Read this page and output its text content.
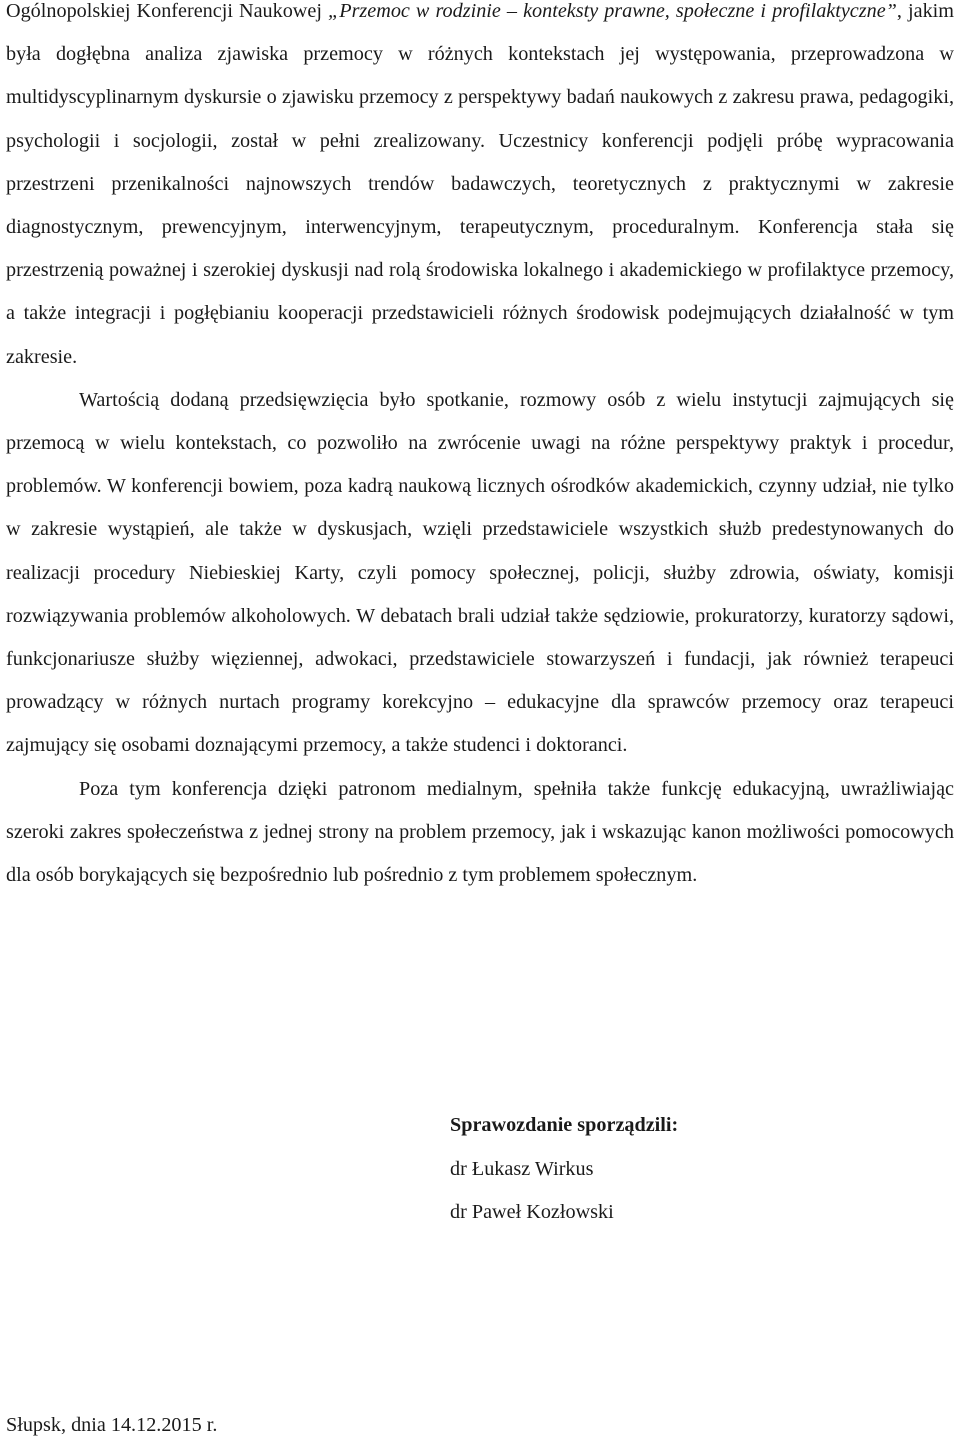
Ogólnopolskiej Konferencji Naukowej „Przemoc w rodzinie – konteksty prawne, społeczne i profilaktyczne”, jakim była dogłębna analiza zjawiska przemocy w różnych kontekstach jej występowania, przeprowadzona w multidyscyplinarnym dyskursie o zjawisku przemocy z perspektywy badań naukowych z zakresu prawa, pedagogiki, psychologii i socjologii, został w pełni zrealizowany. Uczestnicy konferencji podjęli próbę wypracowania przestrzeni przenikalności najnowszych trendów badawczych, teoretycznych z praktycznymi w zakresie diagnostycznym, prewencyjnym, interwencyjnym, terapeutycznym, proceduralnym. Konferencja stała się przestrzenią poważnej i szerokiej dyskusji nad rolą środowiska lokalnego i akademickiego w profilaktyce przemocy, a także integracji i pogłębianiu kooperacji przedstawicieli różnych środowisk podejmujących działalność w tym zakresie.

Wartością dodaną przedsięwzięcia było spotkanie, rozmowy osób z wielu instytucji zajmujących się przemocą w wielu kontekstach, co pozwoliło na zwrócenie uwagi na różne perspektywy praktyk i procedur, problemów. W konferencji bowiem, poza kadrą naukową licznych ośrodków akademickich, czynny udział, nie tylko w zakresie wystąpień, ale także w dyskusjach, wzięli przedstawiciele wszystkich służb predestynowanych do realizacji procedury Niebieskiej Karty, czyli pomocy społecznej, policji, służby zdrowia, oświaty, komisji rozwiązywania problemów alkoholowych. W debatach brali udział także sędziowie, prokuratorzy, kuratorzy sądowi, funkcjonariusze służby więziennej, adwokaci, przedstawiciele stowarzyszeń i fundacji, jak również terapeuci prowadzący w różnych nurtach programy korekcyjno – edukacyjne dla sprawców przemocy oraz terapeuci zajmujący się osobami doznającymi przemocy, a także studenci i doktoranci.

Poza tym konferencja dzięki patronom medialnym, spełniła także funkcję edukacyjną, uwrażliwiając szeroki zakres społeczeństwa z jednej strony na problem przemocy, jak i wskazując kanon możliwości pomocowych dla osób borykających się bezpośrednio lub pośrednio z tym problemem społecznym.

Sprawozdanie sporządzili:
dr Łukasz Wirkus
dr Paweł Kozłowski
Słupsk, dnia 14.12.2015 r.
